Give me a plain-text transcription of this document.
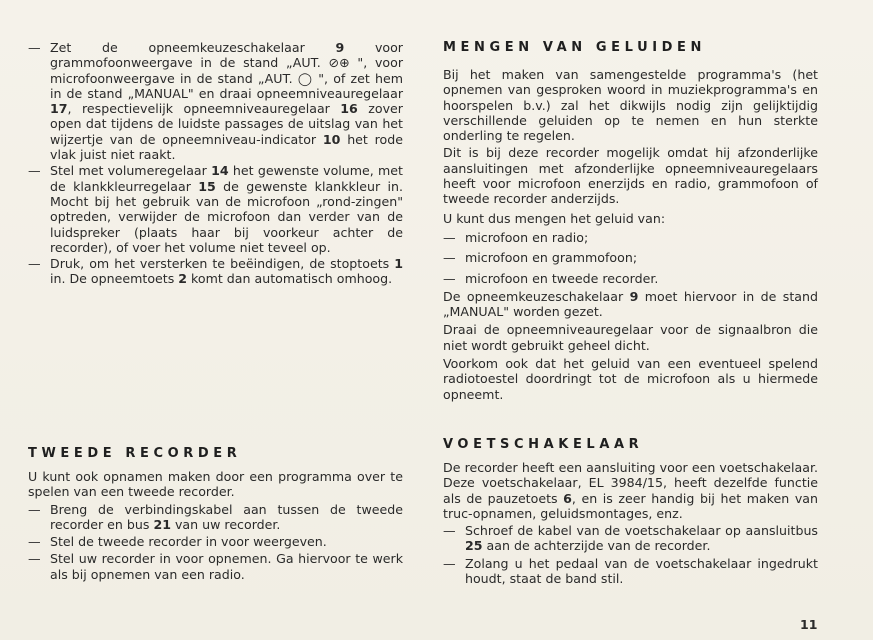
— Zet de opneemkeuzeschakelaar 9 voor grammofoonweergave in de stand „AUT. ⊘⊕ ", voor microfoonweergave in de stand „AUT. ◯ ", of zet hem in de stand „MANUAL" en draai opneemniveauregelaar 17, respectievelijk opneemniveauregelaar 16 zover open dat tijdens de luidste passages de uitslag van het wijzertje van de opneemniveau-indicator 10 het rode vlak juist niet raakt.
— Stel met volumeregelaar 14 het gewenste volume, met de klankkleurregelaar 15 de gewenste klankkleur in. Mocht bij het gebruik van de microfoon „rond-zingen" optreden, verwijder de microfoon dan verder van de luidspreker (plaats haar bij voorkeur achter de recorder), of voer het volume niet teveel op.
— Druk, om het versterken te beëindigen, de stoptoets 1 in. De opneemtoets 2 komt dan automatisch omhoog.
TWEEDE RECORDER
U kunt ook opnamen maken door een programma over te spelen van een tweede recorder.
— Breng de verbindingskabel aan tussen de tweede recorder en bus 21 van uw recorder.
— Stel de tweede recorder in voor weergeven.
— Stel uw recorder in voor opnemen. Ga hiervoor te werk als bij opnemen van een radio.
MENGEN VAN GELUIDEN
Bij het maken van samengestelde programma's (het opnemen van gesproken woord in muziekprogramma's en hoorspelen b.v.) zal het dikwijls nodig zijn gelijktijdig verschillende geluiden op te nemen en hun sterkte onderling te regelen.
Dit is bij deze recorder mogelijk omdat hij afzonderlijke aansluitingen met afzonderlijke opneemniveauregelaars heeft voor microfoon enerzijds en radio, grammofoon of tweede recorder anderzijds.
U kunt dus mengen het geluid van:
— microfoon en radio;
— microfoon en grammofoon;
— microfoon en tweede recorder.
De opneemkeuzeschakelaar 9 moet hiervoor in de stand „MANUAL" worden gezet.
Draai de opneemniveauregelaar voor de signaalbron die niet wordt gebruikt geheel dicht.
Voorkom ook dat het geluid van een eventueel spelend radiotoestel doordringt tot de microfoon als u hiermede opneemt.
VOETSCHAKELAAR
De recorder heeft een aansluiting voor een voetschakelaar. Deze voetschakelaar, EL 3984/15, heeft dezelfde functie als de pauzetoets 6, en is zeer handig bij het maken van truc-opnamen, geluidsmontages, enz.
— Schroef de kabel van de voetschakelaar op aansluitbus 25 aan de achterzijde van de recorder.
— Zolang u het pedaal van de voetschakelaar ingedrukt houdt, staat de band stil.
11
